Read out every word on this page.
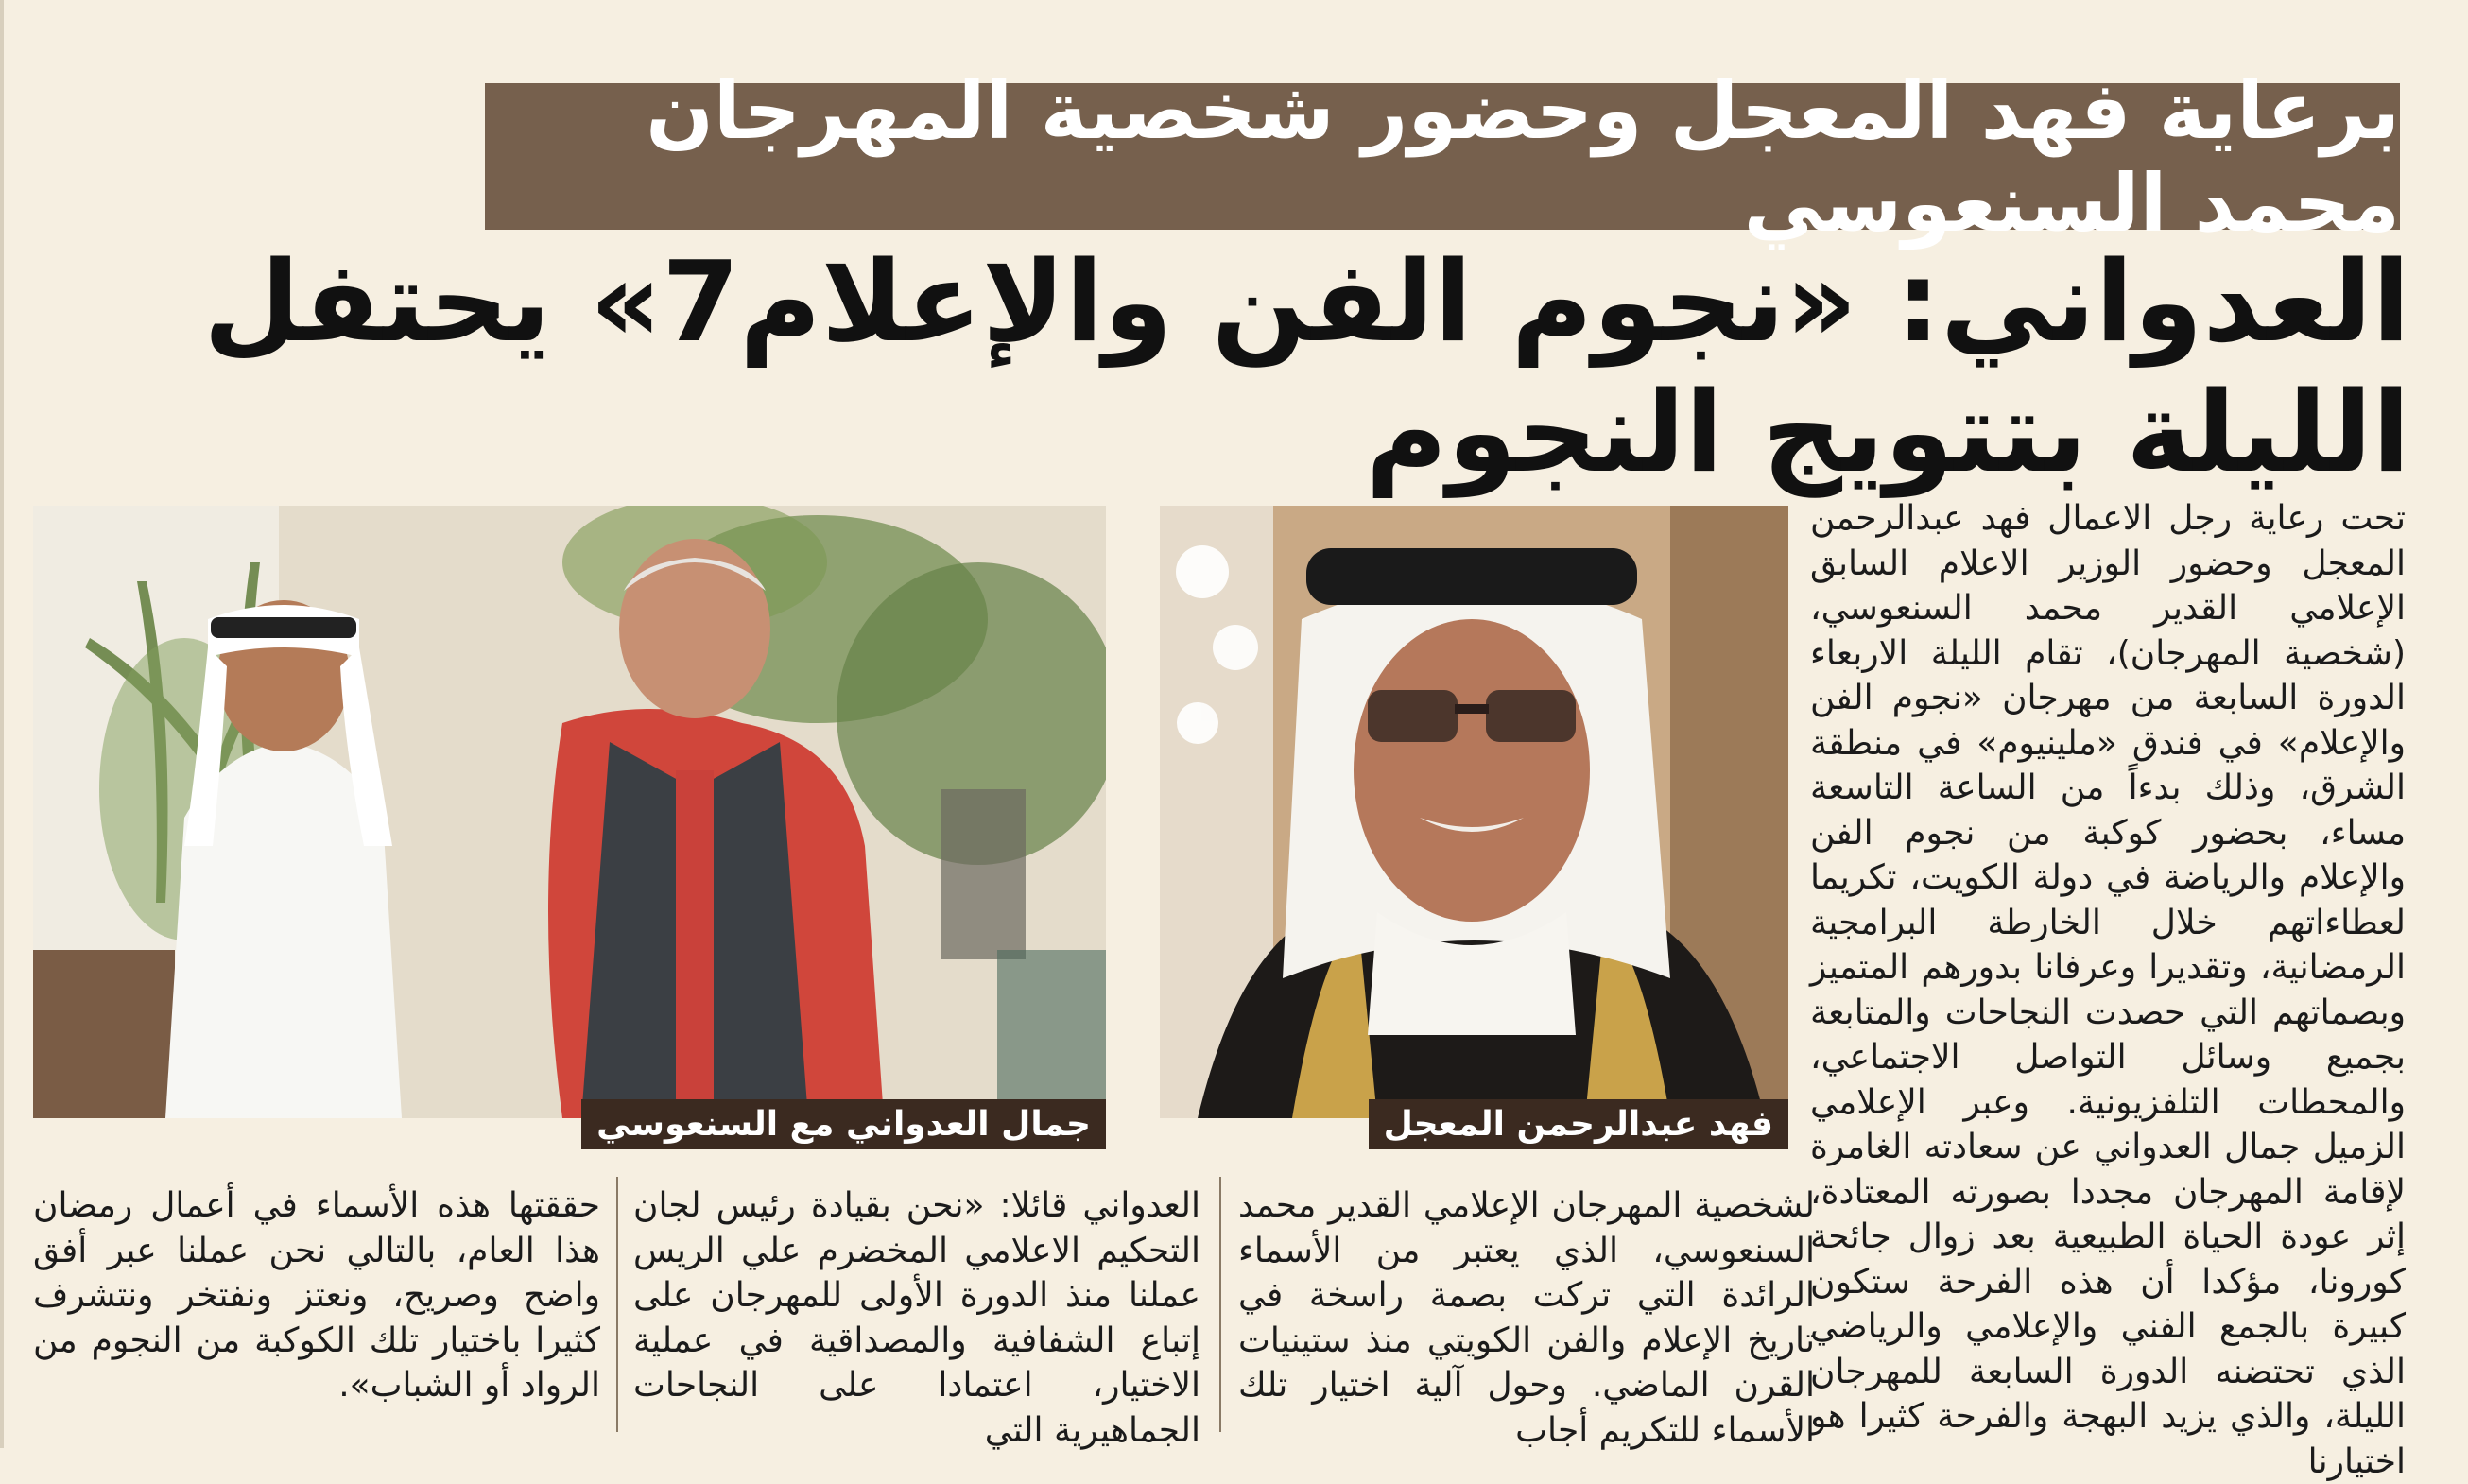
برعاية فهد المعجل وحضور شخصية المهرجان محمد السنعوسي
العدواني: «نجوم الفن والإعلام7» يحتفل الليلة بتتويج النجوم
جمال العدواني مع السنعوسي	فهد عبدالرحمن المعجل

تحت رعاية رجل الاعمال فهد عبدالرحمن المعجل وحضور الوزير الاعلام السابق الإعلامي القدير محمد السنعوسي، (شخصية المهرجان)، تقام الليلة الاربعاء الدورة السابعة من مهرجان «نجوم الفن والإعلام» في فندق «ملينيوم» في منطقة الشرق، وذلك بدءاً من الساعة التاسعة مساء، بحضور كوكبة من نجوم الفن والإعلام والرياضة في دولة الكويت، تكريما لعطاءاتهم خلال الخارطة البرامجية الرمضانية، وتقديرا وعرفانا بدورهم المتميز وبصماتهم التي حصدت النجاحات والمتابعة بجميع وسائل التواصل الاجتماعي، والمحطات التلفزيونية. وعبر الإعلامي الزميل جمال العدواني عن سعادته الغامرة لإقامة المهرجان مجددا بصورته المعتادة، إثر عودة الحياة الطبيعية بعد زوال جائحة كورونا، مؤكدا أن هذه الفرحة ستكون كبيرة بالجمع الفني والإعلامي والرياضي الذي تحتضنه الدورة السابعة للمهرجان الليلة، والذي يزيد البهجة والفرحة كثيرا هو اختيارنا

لشخصية المهرجان الإعلامي القدير محمد السنعوسي، الذي يعتبر من الأسماء الرائدة التي تركت بصمة راسخة في تاريخ الإعلام والفن الكويتي منذ ستينيات القرن الماضي. وحول آلية اختيار تلك الأسماء للتكريم أجاب

العدواني قائلا: «نحن بقيادة رئيس لجان التحكيم الاعلامي المخضرم علي الريس عملنا منذ الدورة الأولى للمهرجان على إتباع الشفافية والمصداقية في عملية الاختيار، اعتمادا على النجاحات الجماهيرية التي

حققتها هذه الأسماء في أعمال رمضان هذا العام، بالتالي نحن عملنا عبر أفق واضح وصريح، ونعتز ونفتخر ونتشرف كثيرا باختيار تلك الكوكبة من النجوم من الرواد أو الشباب».
